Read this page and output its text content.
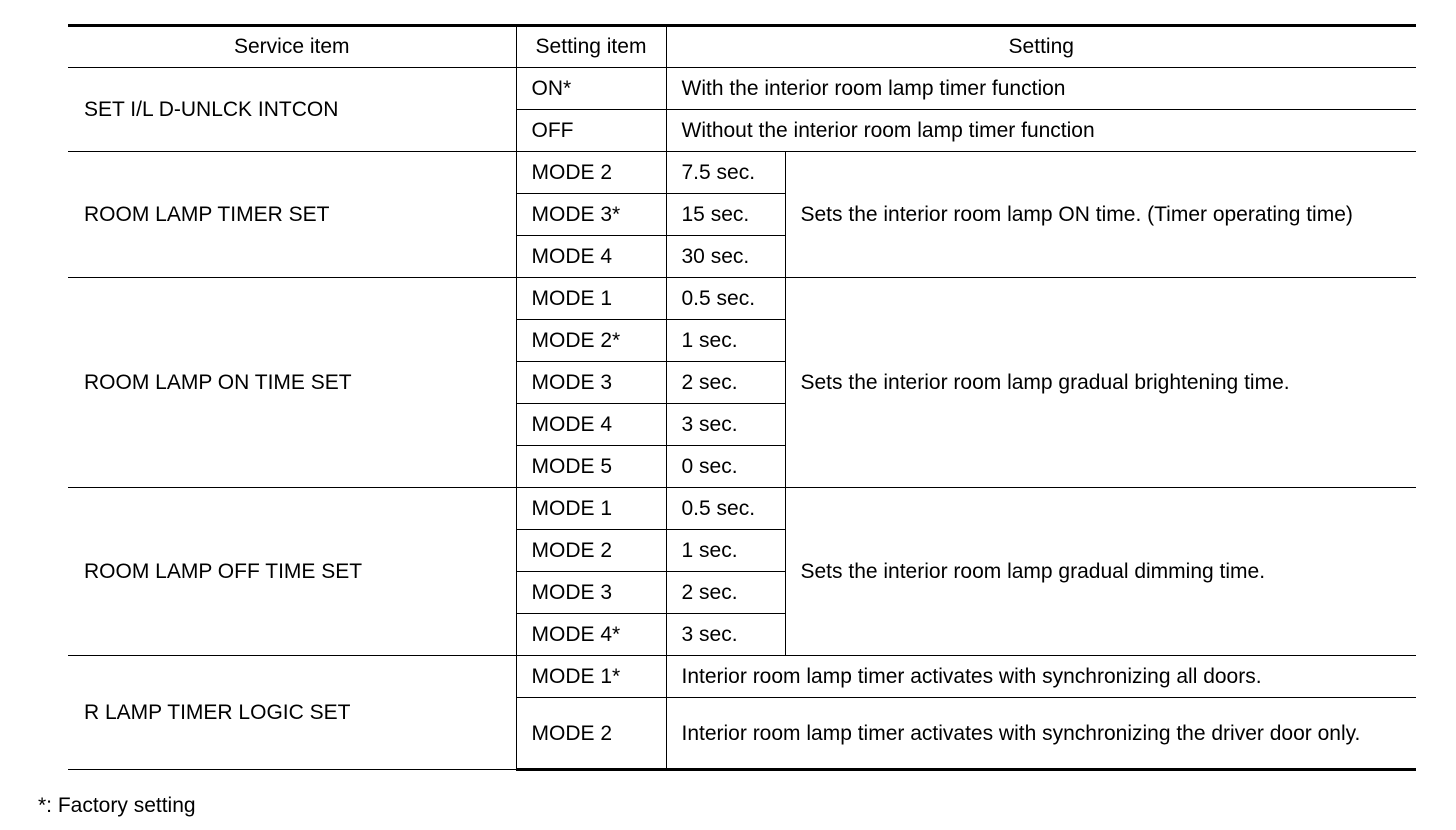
Service item	Setting item	Setting	
SET I/L D-UNLCK INTCON	ON*	With the interior room lamp timer function	
	OFF	Without the interior room lamp timer function	
ROOM LAMP TIMER SET	MODE 2	7.5 sec.	Sets the interior room lamp ON time. (Timer operating time)
	MODE 3*	15 sec.	
	MODE 4	30 sec.	
ROOM LAMP ON TIME SET	MODE 1	0.5 sec.	Sets the interior room lamp gradual brightening time.
	MODE 2*	1 sec.	
	MODE 3	2 sec.	
	MODE 4	3 sec.	
	MODE 5	0 sec.	
ROOM LAMP OFF TIME SET	MODE 1	0.5 sec.	Sets the interior room lamp gradual dimming time.
	MODE 2	1 sec.	
	MODE 3	2 sec.	
	MODE 4*	3 sec.	
R LAMP TIMER LOGIC SET	MODE 1*	Interior room lamp timer activates with synchronizing all doors.	
	MODE 2	Interior room lamp timer activates with synchronizing the driver door only.	
*: Factory setting
